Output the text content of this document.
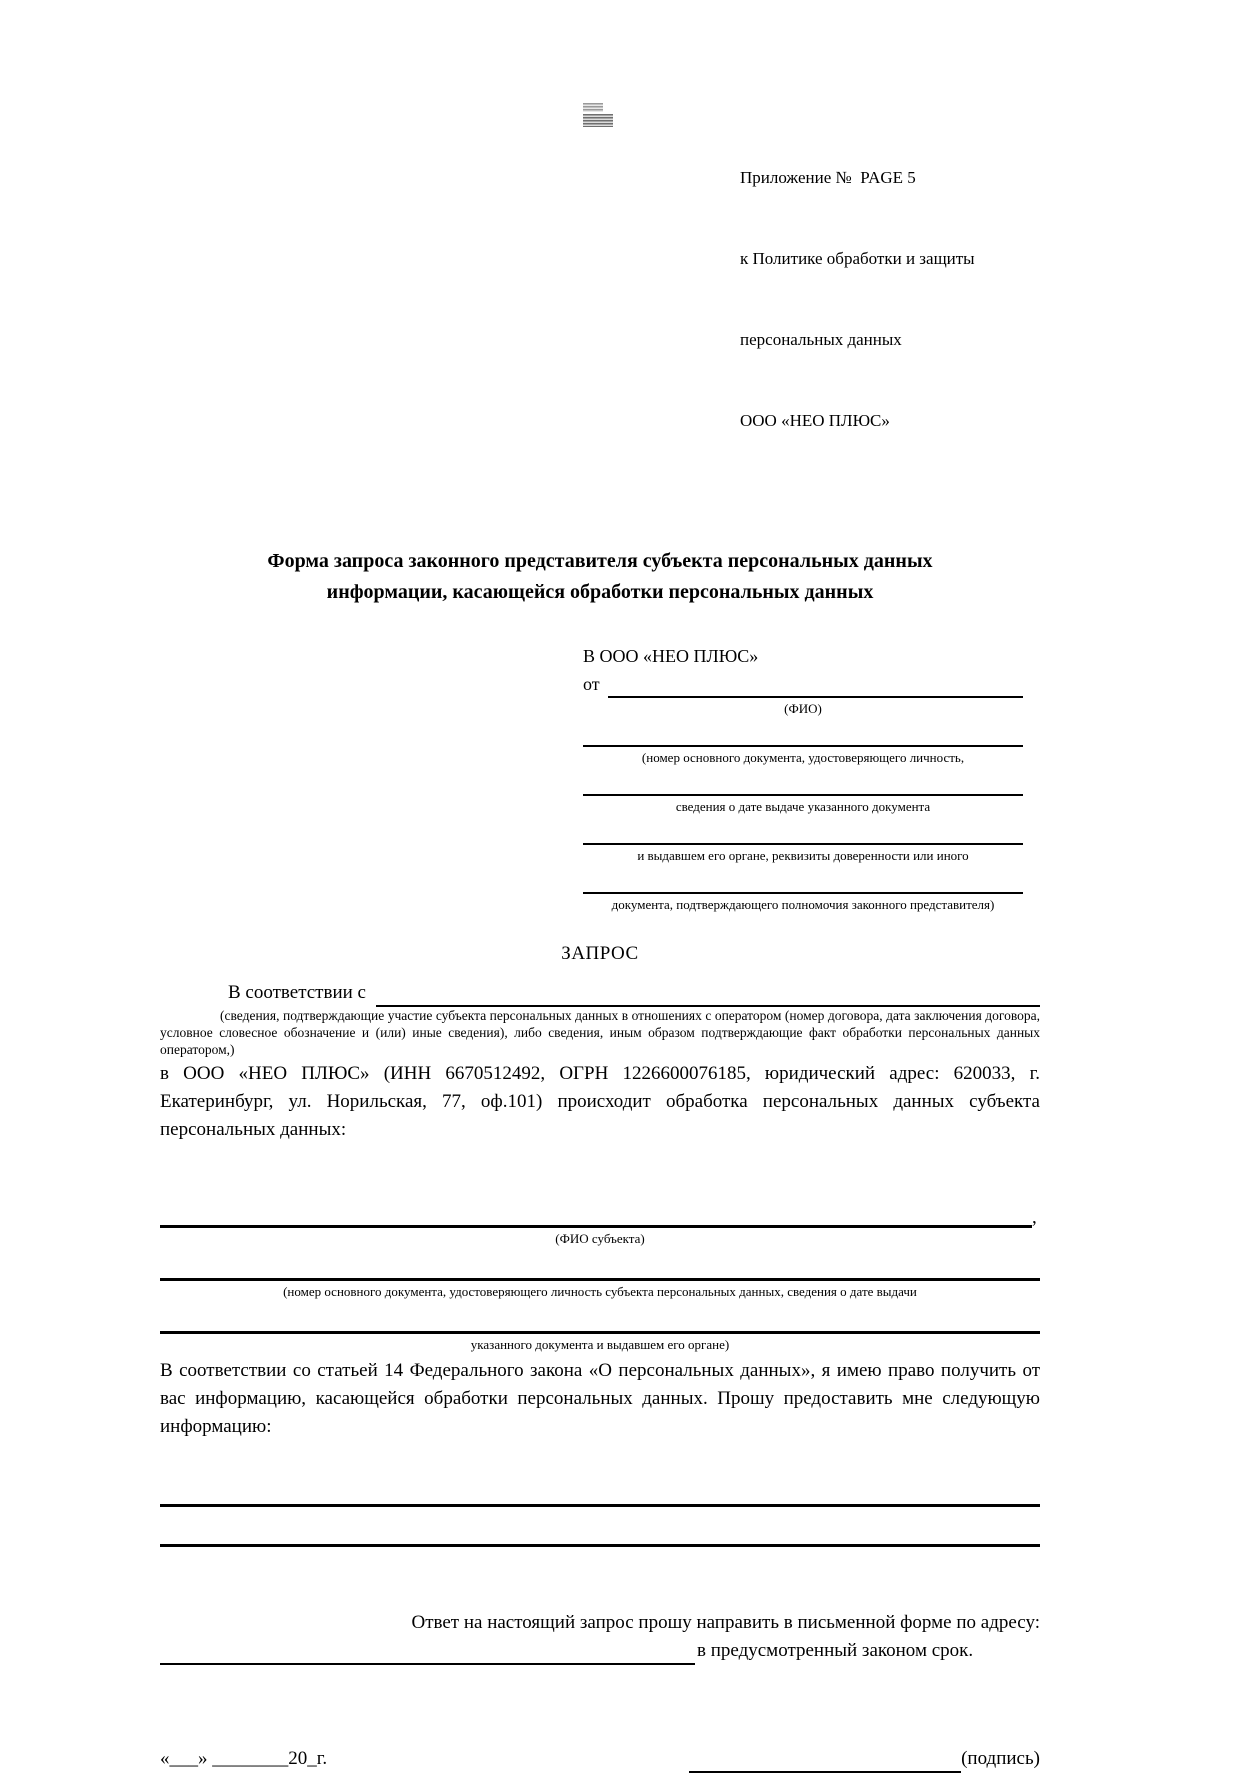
Приложение №  PAGE 5

к Политике обработки и защиты

персональных данных

ООО «НЕО ПЛЮС»

Форма запроса законного представителя субъекта персональных данных
информации, касающейся обработки персональных данных
В ООО «НЕО ПЛЮС»
от
(ФИО)
(номер основного документа, удостоверяющего личность,
сведения о дате выдаче указанного документа
и выдавшем его органе, реквизиты доверенности или иного
документа, подтверждающего полномочия законного представителя)
ЗАПРОС
В соответствии с

(сведения, подтверждающие участие субъекта персональных данных в отношениях с оператором (номер договора, дата заключения договора, условное словесное обозначение и (или) иные сведения), либо сведения, иным образом подтверждающие факт обработки персональных данных оператором,)

в ООО «НЕО ПЛЮС» (ИНН 6670512492, ОГРН 1226600076185, юридический адрес: 620033, г. Екатеринбург, ул. Норильская, 77, оф.101) происходит обработка персональных данных субъекта персональных данных:

,
(ФИО субъекта)
(номер основного документа, удостоверяющего личность субъекта персональных данных, сведения о дате выдачи
указанного документа и выдавшем его органе)

В соответствии со статьей 14 Федерального закона «О персональных данных», я имею право получить от вас информацию, касающейся обработки персональных данных. Прошу предоставить мне следующую информацию:

Ответ на настоящий запрос прошу направить в письменной форме по адресу:

в предусмотренный законом срок.
«___» ________20_г.	(подпись)
